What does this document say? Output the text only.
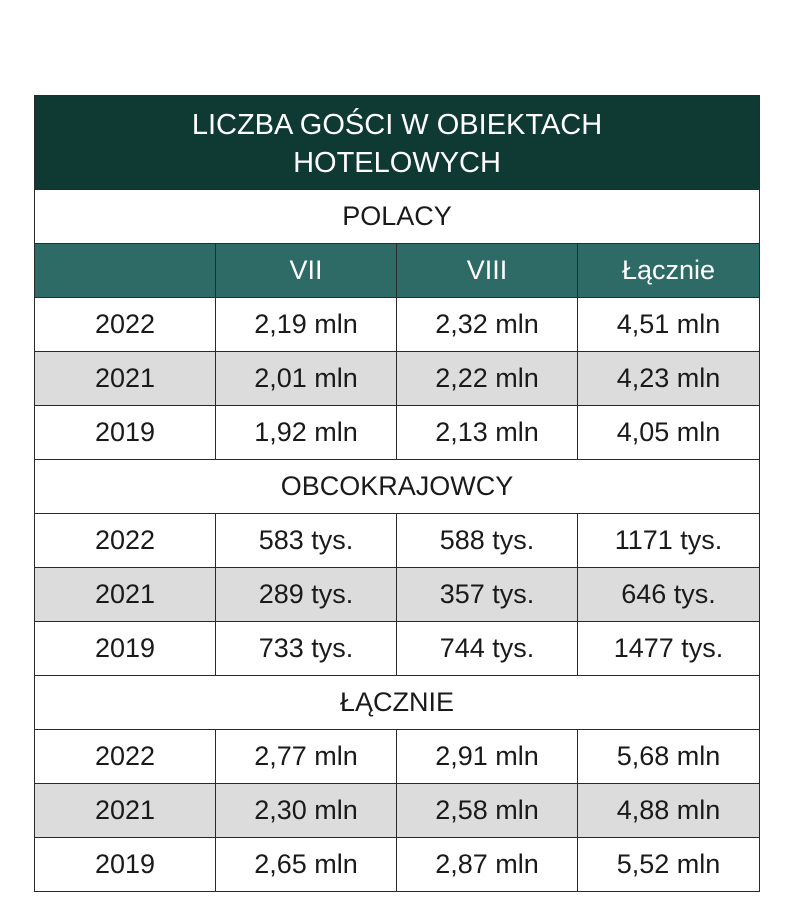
LICZBA GOŚCI W OBIEKTACH
HOTELOWYCH			

POLACY			
	VII	VIII	Łącznie
2022	2,19 mln	2,32 mln	4,51 mln
2021	2,01 mln	2,22 mln	4,23 mln
2019	1,92 mln	2,13 mln	4,05 mln
OBCOKRAJOWCY			
2022	583 tys.	588 tys.	1171 tys.
2021	289 tys.	357 tys.	646 tys.
2019	733 tys.	744 tys.	1477 tys.
ŁĄCZNIE			
2022	2,77 mln	2,91 mln	5,68 mln
2021	2,30 mln	2,58 mln	4,88 mln
2019	2,65 mln	2,87 mln	5,52 mln
